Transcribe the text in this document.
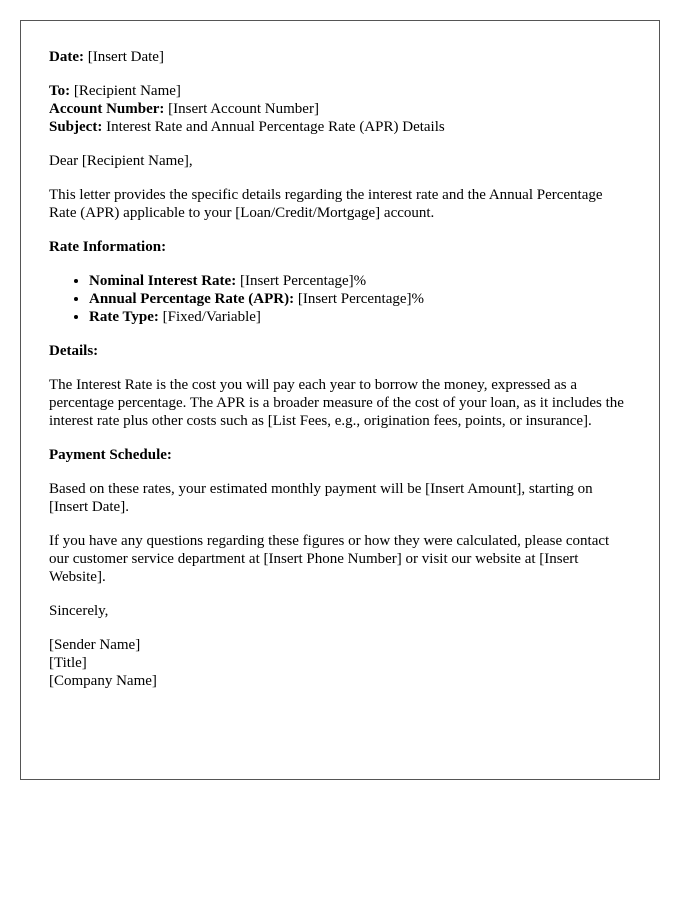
Date: [Insert Date]

To: [Recipient Name]

Account Number: [Insert Account Number]

Subject: Interest Rate and Annual Percentage Rate (APR) Details

Dear [Recipient Name],

This letter provides the specific details regarding the interest rate and the Annual Percentage Rate (APR) applicable to your [Loan/Credit/Mortgage] account.

Rate Information:

• Nominal Interest Rate: [Insert Percentage]%
• Annual Percentage Rate (APR): [Insert Percentage]%
• Rate Type: [Fixed/Variable]

Details:

The Interest Rate is the cost you will pay each year to borrow the money, expressed as a percentage percentage. The APR is a broader measure of the cost of your loan, as it includes the interest rate plus other costs such as [List Fees, e.g., origination fees, points, or insurance].

Payment Schedule:

Based on these rates, your estimated monthly payment will be [Insert Amount], starting on [Insert Date].

If you have any questions regarding these figures or how they were calculated, please contact our customer service department at [Insert Phone Number] or visit our website at [Insert Website].

Sincerely,

[Sender Name]

[Title]

[Company Name]
